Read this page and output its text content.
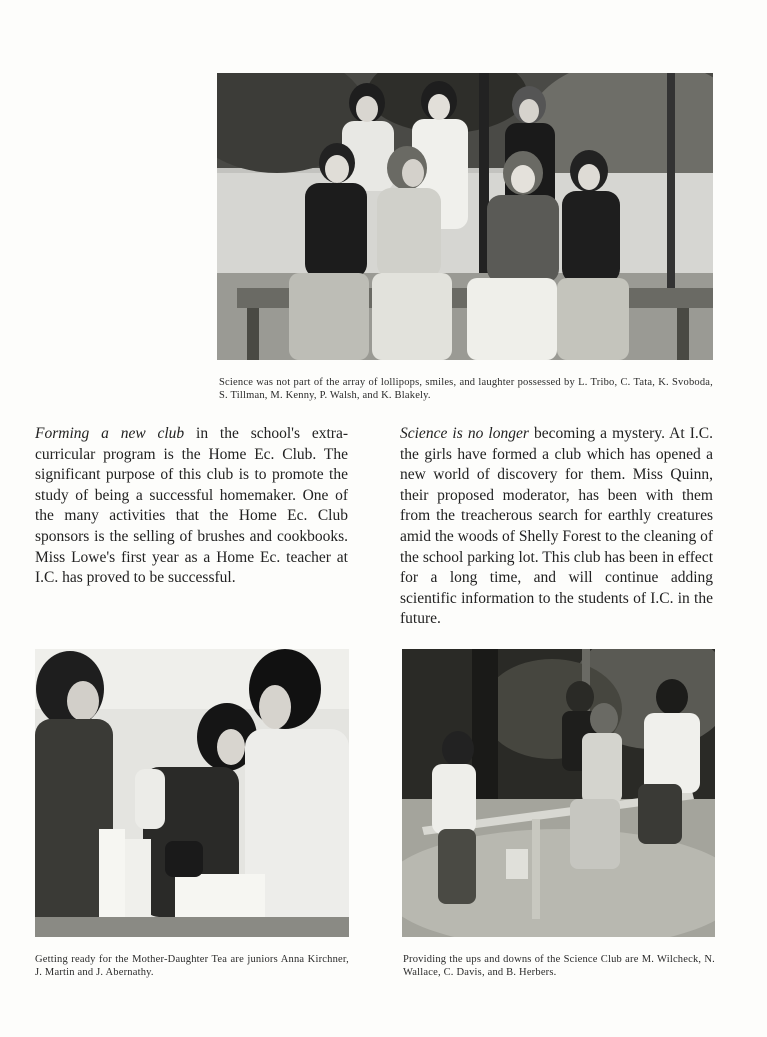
Science was not part of the array of lollipops, smiles, and laughter possessed by L. Tribo, C. Tata, K. Svoboda, S. Tillman, M. Kenny, P. Walsh, and K. Blakely.

Forming a new club in the school's extra-curricular program is the Home Ec. Club. The significant purpose of this club is to promote the study of being a successful homemaker. One of the many activities that the Home Ec. Club sponsors is the selling of brushes and cookbooks. Miss Lowe's first year as a Home Ec. teacher at I.C. has proved to be successful.

Science is no longer becoming a mystery. At I.C. the girls have formed a club which has opened a new world of discovery for them. Miss Quinn, their proposed moderator, has been with them from the treacherous search for earthly creatures amid the woods of Shelly Forest to the cleaning of the school parking lot. This club has been in effect for a long time, and will continue adding scientific information to the students of I.C. in the future.

Getting ready for the Mother-Daughter Tea are juniors Anna Kirchner, J. Martin and J. Abernathy.
Providing the ups and downs of the Science Club are M. Wilcheck, N. Wallace, C. Davis, and B. Herbers.
